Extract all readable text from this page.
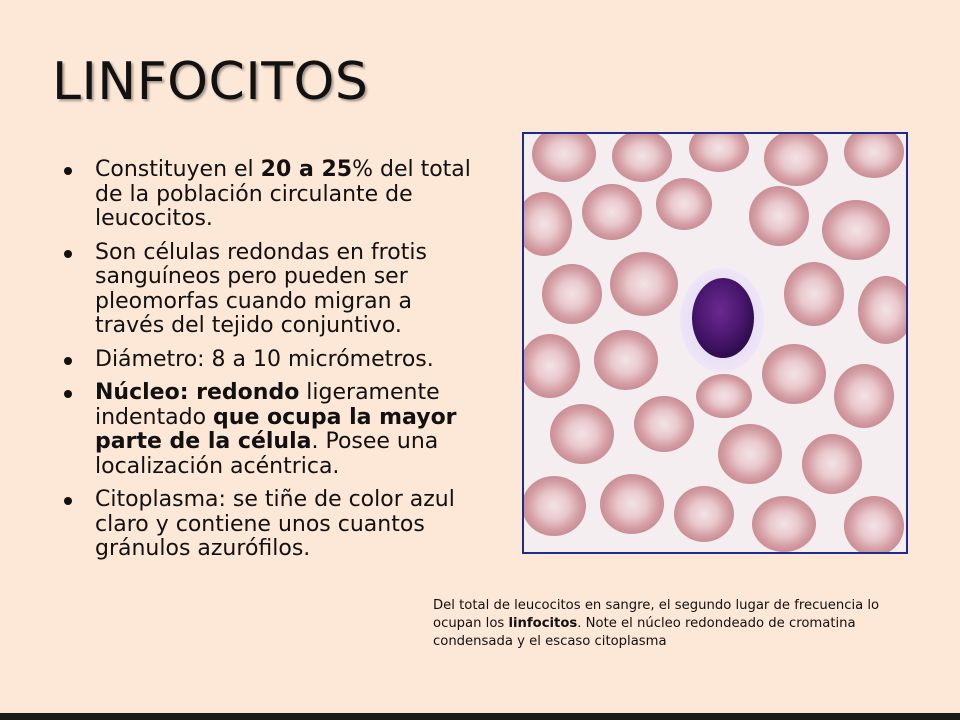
LINFOCITOS
Constituyen el 20 a 25% del total de la población circulante de leucocitos.
Son células redondas en frotis sanguíneos pero pueden ser pleomorfas cuando migran a través del tejido conjuntivo.
Diámetro: 8 a 10 micrómetros.
Núcleo: redondo ligeramente indentado que ocupa la mayor parte de la célula. Posee una localización acéntrica.
Citoplasma: se tiñe de color azul claro y contiene unos cuantos gránulos azurófilos.
Del total de leucocitos en sangre, el segundo lugar de frecuencia lo ocupan los linfocitos. Note el núcleo redondeado de cromatina condensada y el escaso citoplasma
